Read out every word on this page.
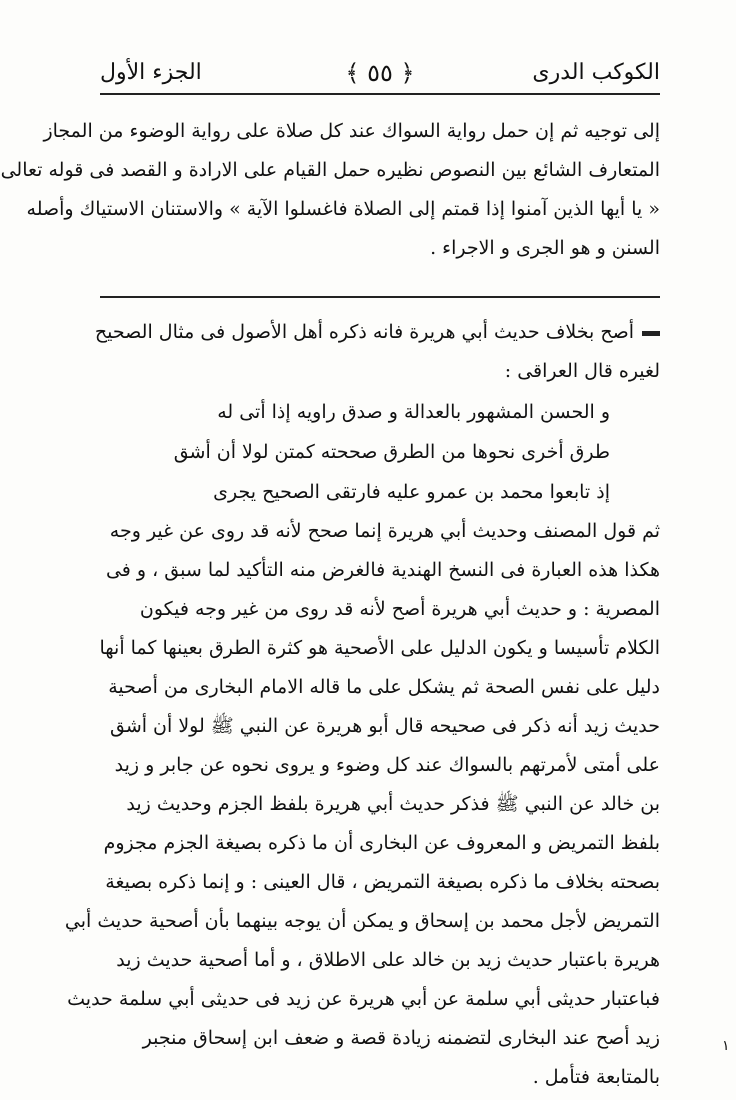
الكوكب الدرى
﴿ ٥٥ ﴾
الجزء الأول

إلى توجيه ثم إن حمل رواية السواك عند كل صلاة على رواية الوضوء من المجاز

المتعارف الشائع بين النصوص نظيره حمل القيام على الارادة و القصد فى قوله تعالى

« يا أيها الذين آمنوا إذا قمتم إلى الصلاة فاغسلوا الآية » والاستنان الاستياك وأصله

السنن و هو الجرى و الاجراء .

أصح بخلاف حديث أبي هريرة فانه ذكره أهل الأصول فى مثال الصحيح

لغيره قال العراقى :

و الحسن المشهور بالعدالة و صدق راويه إذا أتى له

طرق أخرى نحوها من الطرق صححته كمتن لولا أن أشق

إذ تابعوا محمد بن عمرو عليه فارتقى الصحيح يجرى

ثم قول المصنف وحديث أبي هريرة إنما صحح لأنه قد روى عن غير وجه

هكذا هذه العبارة فى النسخ الهندية فالغرض منه التأكيد لما سبق ، و فى

المصرية : و حديث أبي هريرة أصح لأنه قد روى من غير وجه فيكون

الكلام تأسيسا و يكون الدليل على الأصحية هو كثرة الطرق بعينها كما أنها

دليل على نفس الصحة ثم يشكل على ما قاله الامام البخارى من أصحية

حديث زيد أنه ذكر فى صحيحه قال أبو هريرة عن النبي ﷺ لولا أن أشق

على أمتى لأمرتهم بالسواك عند كل وضوء و يروى نحوه عن جابر و زيد

بن خالد عن النبي ﷺ فذكر حديث أبي هريرة بلفظ الجزم وحديث زيد

بلفظ التمريض و المعروف عن البخارى أن ما ذكره بصيغة الجزم مجزوم

بصحته بخلاف ما ذكره بصيغة التمريض ، قال العينى : و إنما ذكره بصيغة

التمريض لأجل محمد بن إسحاق و يمكن أن يوجه بينهما بأن أصحية حديث أبي

هريرة باعتبار حديث زيد بن خالد على الاطلاق ، و أما أصحية حديث زيد

فباعتبار حديثى أبي سلمة عن أبي هريرة عن زيد فى حديثى أبي سلمة حديث

زيد أصح عند البخارى لتضمنه زيادة قصة و ضعف ابن إسحاق منجبر

بالمتابعة فتأمل .

١
